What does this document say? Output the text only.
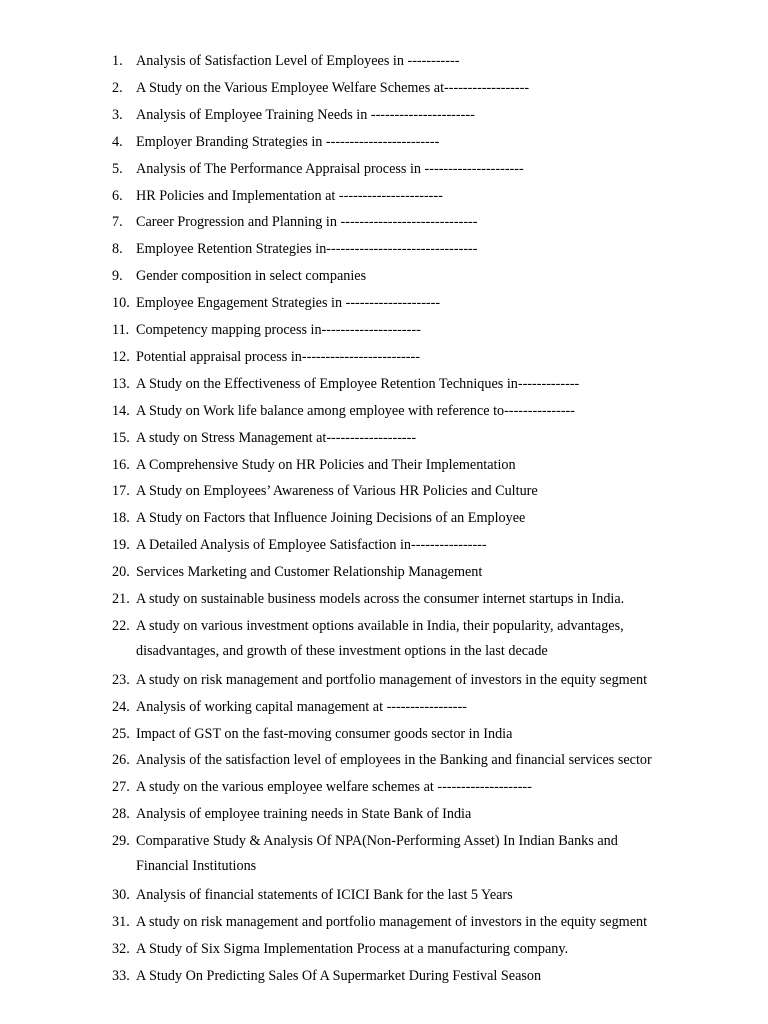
1. Analysis of Satisfaction Level of Employees in -----------
2. A Study on the Various Employee Welfare Schemes at------------------
3. Analysis of Employee Training Needs in ----------------------
4. Employer Branding Strategies in ------------------------
5. Analysis of The Performance Appraisal process in ---------------------
6. HR Policies and Implementation at ----------------------
7. Career Progression and Planning in -----------------------------
8. Employee Retention Strategies in--------------------------------
9. Gender composition in select companies
10. Employee Engagement Strategies in --------------------
11. Competency mapping process in---------------------
12. Potential appraisal process in-------------------------
13. A Study on the Effectiveness of Employee Retention Techniques in-------------
14. A Study on Work life balance among employee with reference to---------------
15. A study on Stress Management at-------------------
16. A Comprehensive Study on HR Policies and Their Implementation
17. A Study on Employees’ Awareness of Various HR Policies and Culture
18. A Study on Factors that Influence Joining Decisions of an Employee
19. A Detailed Analysis of Employee Satisfaction in----------------
20. Services Marketing and Customer Relationship Management
21. A study on sustainable business models across the consumer internet startups in India.
22. A study on various investment options available in India, their popularity, advantages,
disadvantages, and growth of these investment options in the last decade
23. A study on risk management and portfolio management of investors in the equity segment
24. Analysis of working capital management at -----------------
25. Impact of GST on the fast-moving consumer goods sector in India
26. Analysis of the satisfaction level of employees in the Banking and financial services sector
27. A study on the various employee welfare schemes at --------------------
28. Analysis of employee training needs in State Bank of India
29. Comparative Study & Analysis Of NPA(Non-Performing Asset) In Indian Banks and
Financial Institutions
30. Analysis of financial statements of ICICI Bank for the last 5 Years
31. A study on risk management and portfolio management of investors in the equity segment
32. A Study of Six Sigma Implementation Process at a manufacturing company.
33. A Study On Predicting Sales Of A Supermarket During Festival Season
